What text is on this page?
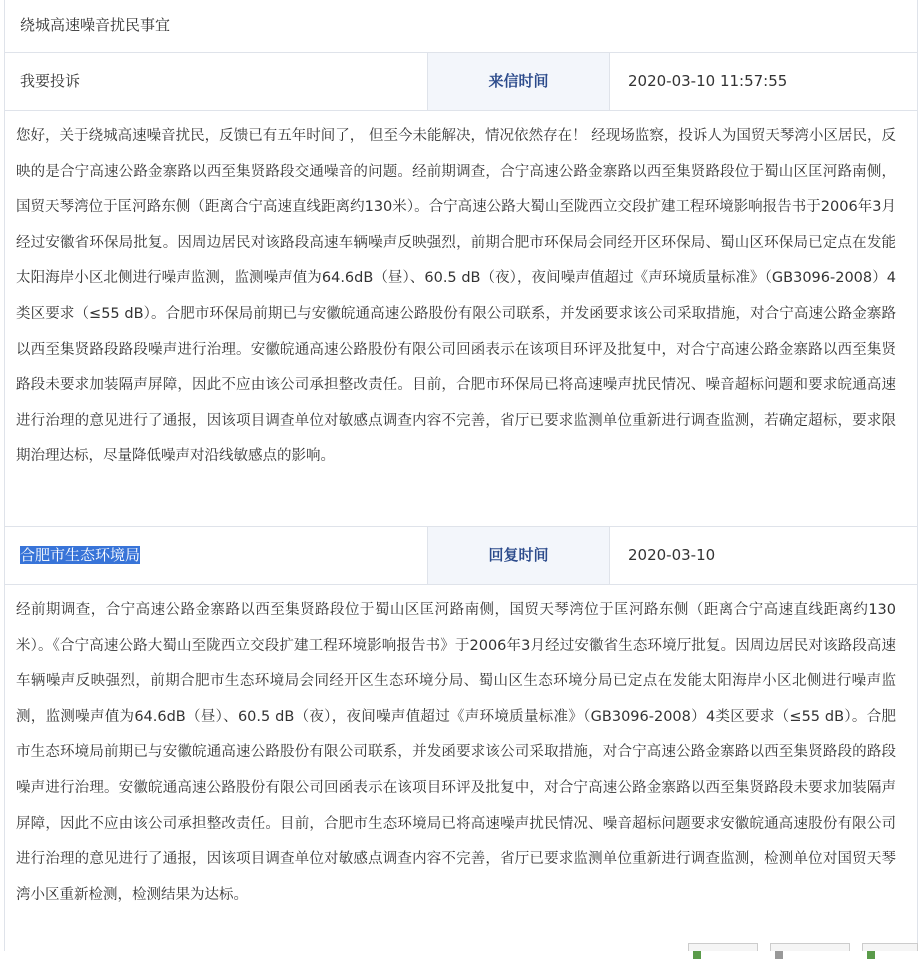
绕城高速噪音扰民事宜
我要投诉	来信时间	2020-03-10 11:57:55
您好，关于绕城高速噪音扰民，反馈已有五年时间了， 但至今未能解决，情况依然存在！ 经现场监察，投诉人为国贸天琴湾小区居民，反映的是合宁高速公路金寨路以西至集贤路段交通噪音的问题。经前期调查，合宁高速公路金寨路以西至集贤路段位于蜀山区匡河路南侧，国贸天琴湾位于匡河路东侧（距离合宁高速直线距离约130米）。合宁高速公路大蜀山至陇西立交段扩建工程环境影响报告书于2006年3月经过安徽省环保局批复。因周边居民对该路段高速车辆噪声反映强烈，前期合肥市环保局会同经开区环保局、蜀山区环保局已定点在发能太阳海岸小区北侧进行噪声监测，监测噪声值为64.6dB（昼）、60.5 dB（夜），夜间噪声值超过《声环境质量标准》（GB3096-2008）4类区要求（≤55 dB）。合肥市环保局前期已与安徽皖通高速公路股份有限公司联系，并发函要求该公司采取措施，对合宁高速公路金寨路以西至集贤路段路段噪声进行治理。安徽皖通高速公路股份有限公司回函表示在该项目环评及批复中，对合宁高速公路金寨路以西至集贤路段未要求加装隔声屏障，因此不应由该公司承担整改责任。目前，合肥市环保局已将高速噪声扰民情况、噪音超标问题和要求皖通高速进行治理的意见进行了通报，因该项目调查单位对敏感点调查内容不完善，省厅已要求监测单位重新进行调查监测，若确定超标，要求限期治理达标，尽量降低噪声对沿线敏感点的影响。
合肥市生态环境局	回复时间	2020-03-10
经前期调查，合宁高速公路金寨路以西至集贤路段位于蜀山区匡河路南侧，国贸天琴湾位于匡河路东侧（距离合宁高速直线距离约130米）。《合宁高速公路大蜀山至陇西立交段扩建工程环境影响报告书》于2006年3月经过安徽省生态环境厅批复。因周边居民对该路段高速车辆噪声反映强烈，前期合肥市生态环境局会同经开区生态环境分局、蜀山区生态环境分局已定点在发能太阳海岸小区北侧进行噪声监测，监测噪声值为64.6dB（昼）、60.5 dB（夜），夜间噪声值超过《声环境质量标准》（GB3096-2008）4类区要求（≤55 dB）。合肥市生态环境局前期已与安徽皖通高速公路股份有限公司联系，并发函要求该公司采取措施，对合宁高速公路金寨路以西至集贤路段的路段噪声进行治理。安徽皖通高速公路股份有限公司回函表示在该项目环评及批复中，对合宁高速公路金寨路以西至集贤路段未要求加装隔声屏障，因此不应由该公司承担整改责任。目前，合肥市生态环境局已将高速噪声扰民情况、噪音超标问题要求安徽皖通高速股份有限公司进行治理的意见进行了通报，因该项目调查单位对敏感点调查内容不完善，省厅已要求监测单位重新进行调查监测，检测单位对国贸天琴湾小区重新检测，检测结果为达标。
